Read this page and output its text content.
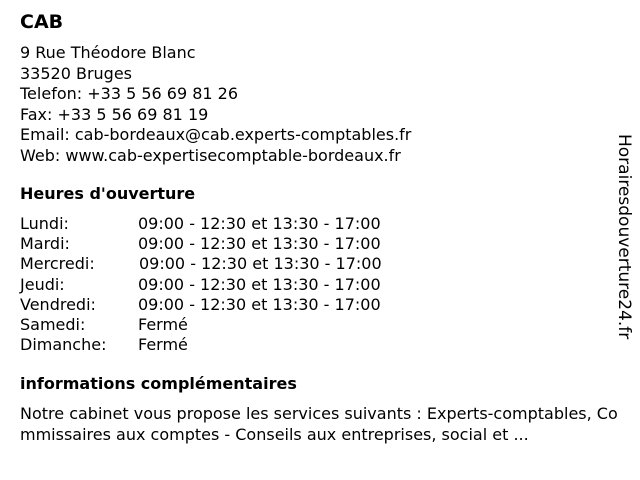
CAB
9 Rue Théodore Blanc
33520 Bruges
Telefon: +33 5 56 69 81 26
Fax: +33 5 56 69 81 19
Email: cab-bordeaux@cab.experts-comptables.fr
Web: www.cab-expertisecomptable-bordeaux.fr
Heures d'ouverture
Lundi:	09:00 - 12:30 et 13:30 - 17:00
Mardi:	09:00 - 12:30 et 13:30 - 17:00
Mercredi:	09:00 - 12:30 et 13:30 - 17:00
Jeudi:	09:00 - 12:30 et 13:30 - 17:00
Vendredi:	09:00 - 12:30 et 13:30 - 17:00
Samedi:	Fermé
Dimanche: Fermé
informations complémentaires
Notre cabinet vous propose les services suivants : Experts-comptables, Commissaires aux comptes - Conseils aux entreprises, social et ...
Horairesdouverture24.fr
